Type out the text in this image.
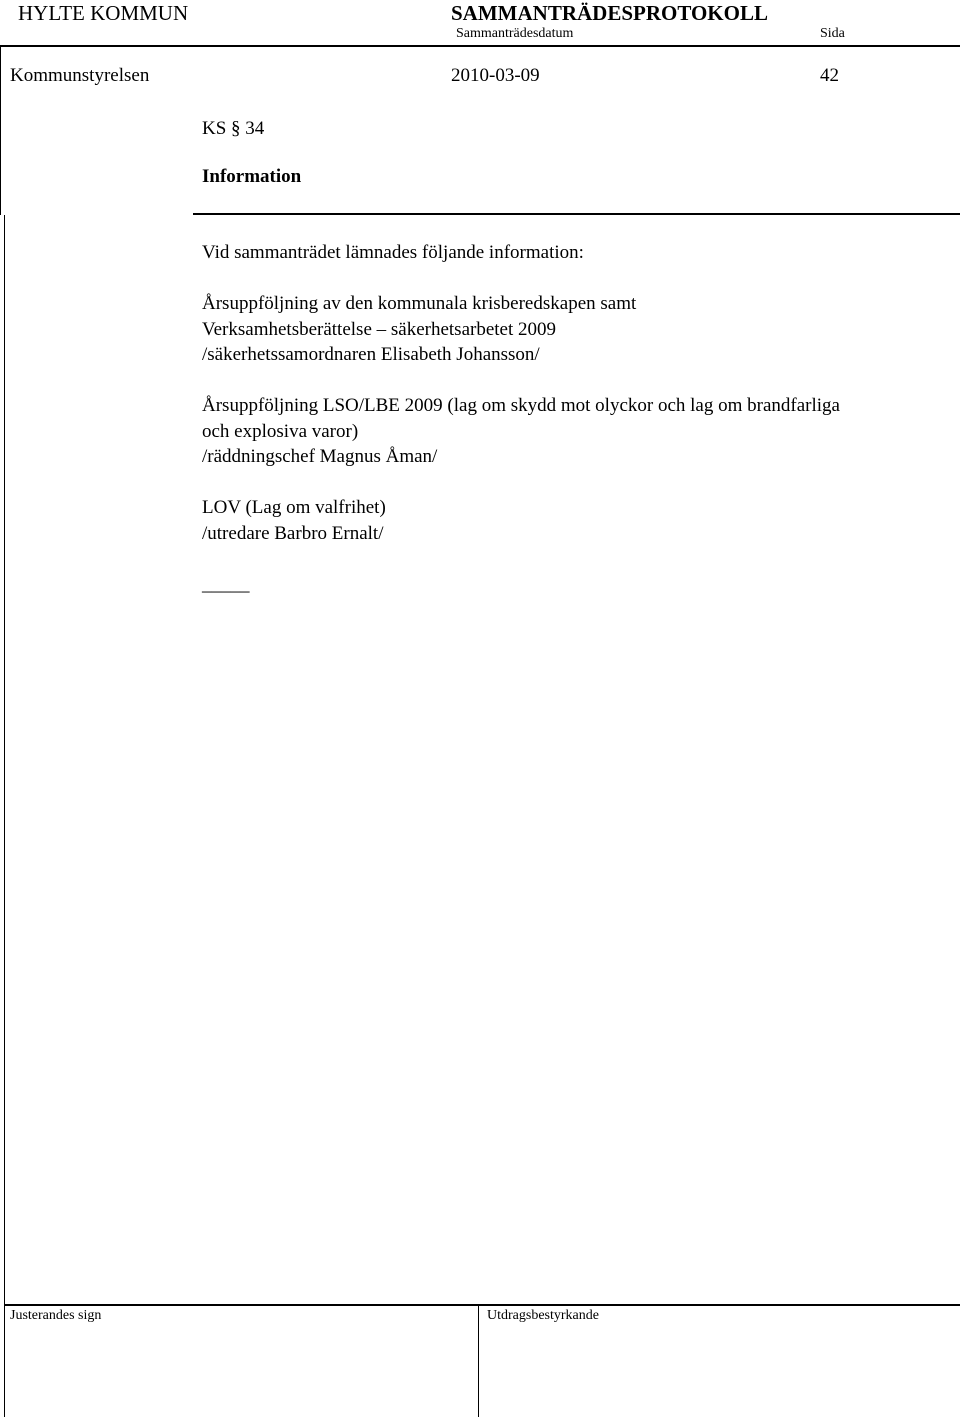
HYLTE KOMMUN	SAMMANTRÄDESPROTOKOLL
Sammanträdesdatum	Sida
Kommunstyrelsen	2010-03-09	42
KS § 34
Information
Vid sammanträdet lämnades följande information:
Årsuppföljning av den kommunala krisberedskapen samt
Verksamhetsberättelse – säkerhetsarbetet 2009
/säkerhetssamordnaren Elisabeth Johansson/
Årsuppföljning LSO/LBE 2009 (lag om skydd mot olyckor och lag om brandfarliga
och explosiva varor)
/räddningschef Magnus Åman/
LOV (Lag om valfrihet)
/utredare Barbro Ernalt/
_____
Justerandes sign	Utdragsbestyrkande
